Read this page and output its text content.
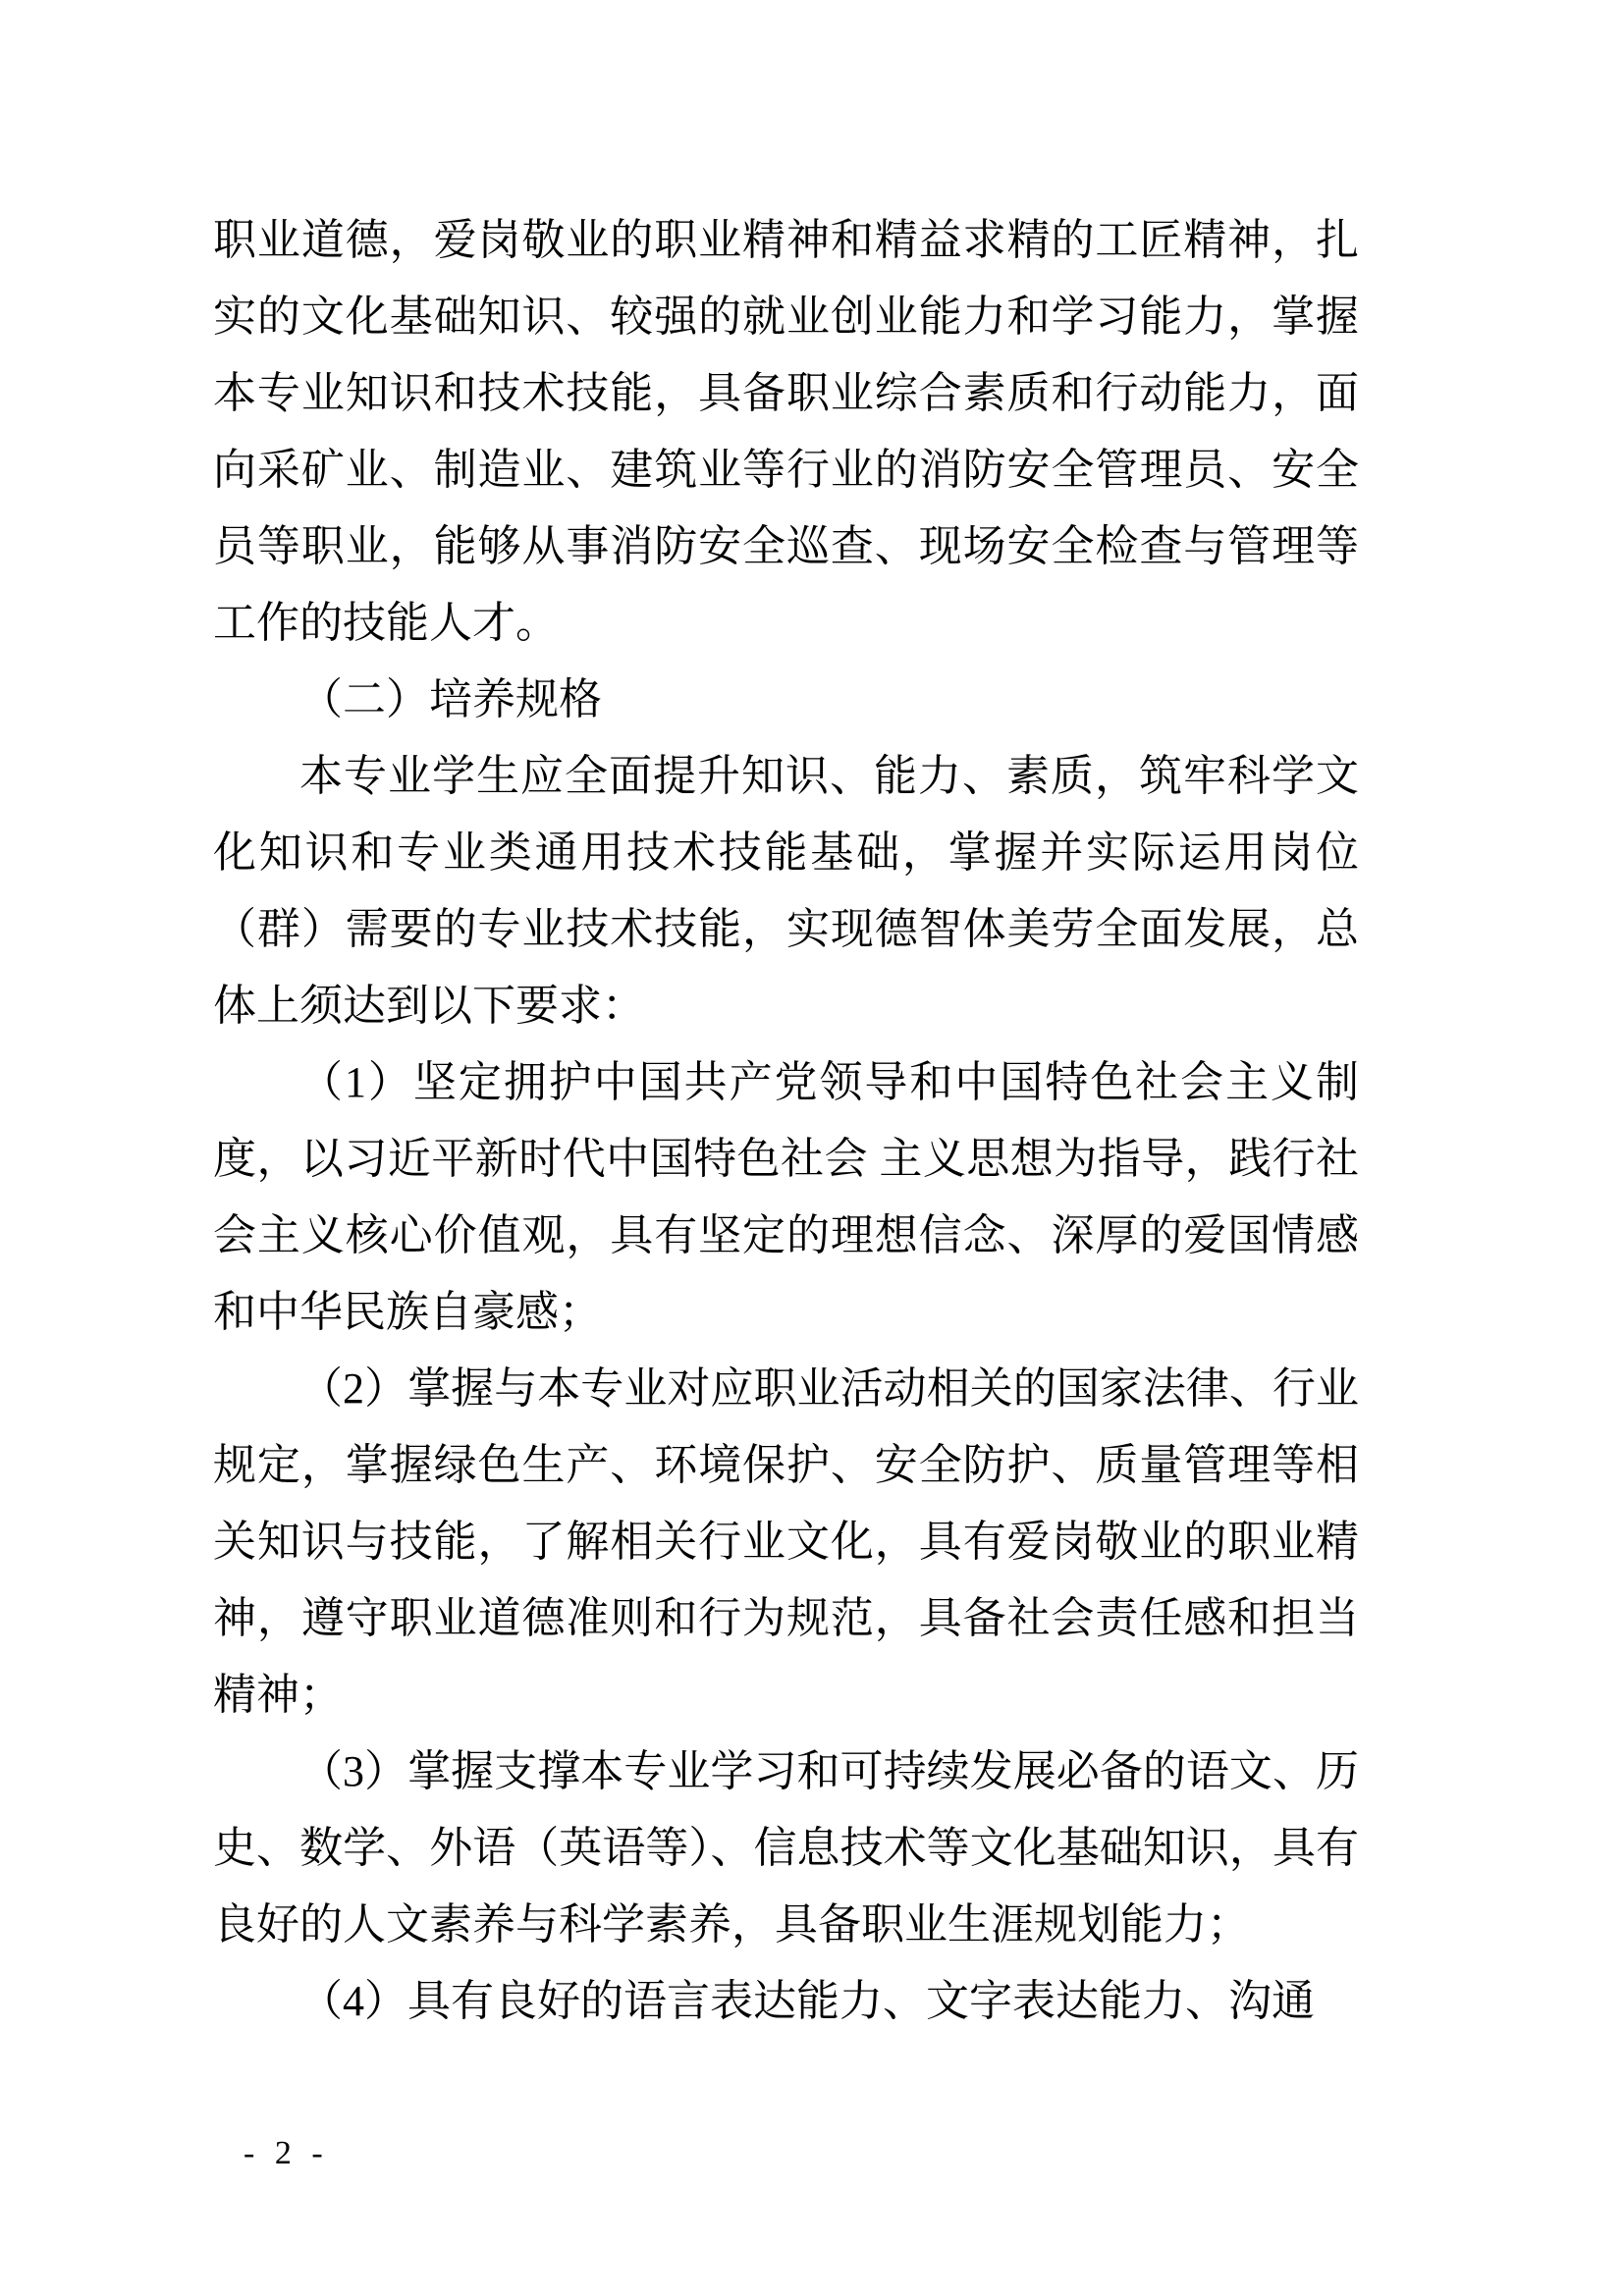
职业道德，爱岗敬业的职业精神和精益求精的工匠精神，扎实的文化基础知识、较强的就业创业能力和学习能力，掌握本专业知识和技术技能，具备职业综合素质和行动能力，面向采矿业、制造业、建筑业等行业的消防安全管理员、安全员等职业，能够从事消防安全巡查、现场安全检查与管理等工作的技能人才。

（二）培养规格

本专业学生应全面提升知识、能力、素质，筑牢科学文化知识和专业类通用技术技能基础，掌握并实际运用岗位（群）需要的专业技术技能，实现德智体美劳全面发展，总体上须达到以下要求：

（1）坚定拥护中国共产党领导和中国特色社会主义制度，以习近平新时代中国特色社会 主义思想为指导，践行社会主义核心价值观，具有坚定的理想信念、深厚的爱国情感和中华民族自豪感；

（2）掌握与本专业对应职业活动相关的国家法律、行业规定，掌握绿色生产、环境保护、安全防护、质量管理等相关知识与技能，了解相关行业文化，具有爱岗敬业的职业精神，遵守职业道德准则和行为规范，具备社会责任感和担当精神；

（3）掌握支撑本专业学习和可持续发展必备的语文、历史、数学、外语（英语等）、信息技术等文化基础知识，具有良好的人文素养与科学素养，具备职业生涯规划能力；

（4）具有良好的语言表达能力、文字表达能力、沟通

- 2 -
